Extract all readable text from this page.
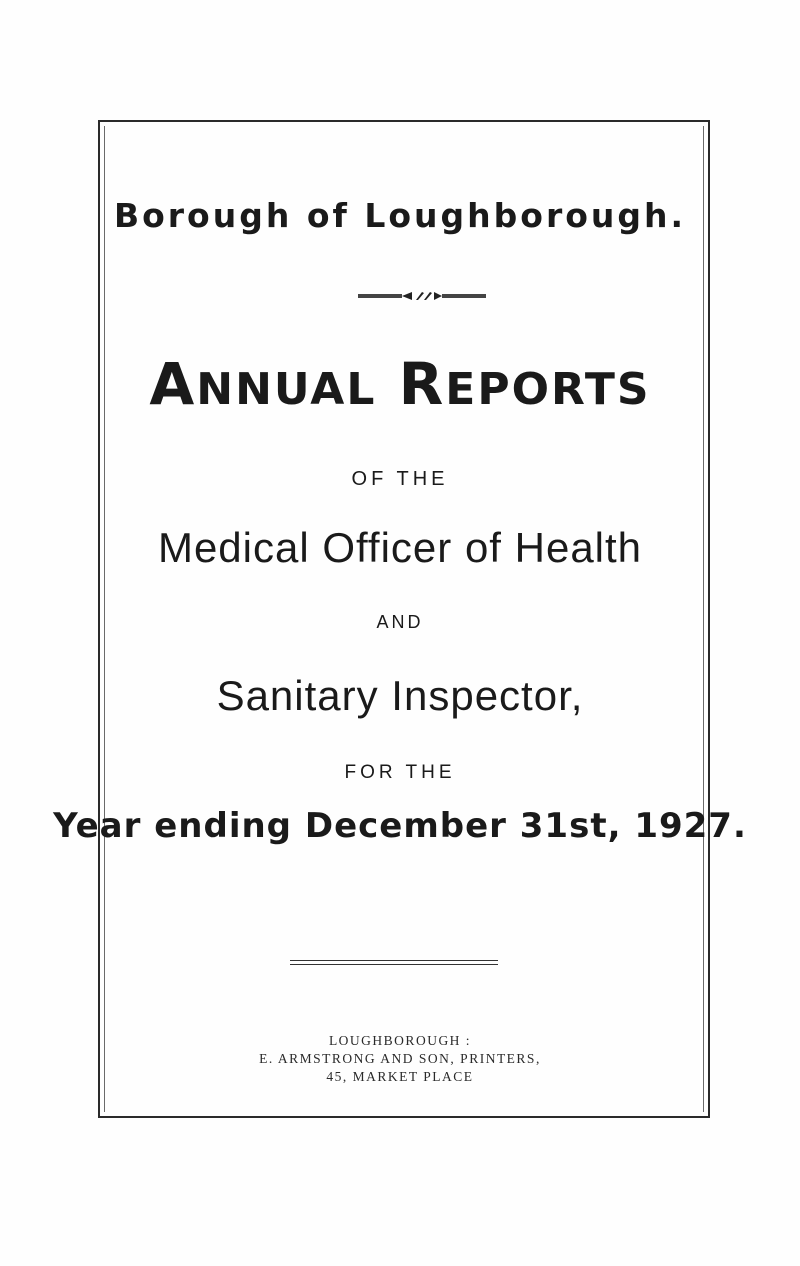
Borough of Loughborough.
ANNUAL REPORTS
OF THE
Medical Officer of Health
AND
Sanitary Inspector,
FOR THE
Year ending December 31st, 1927.
LOUGHBOROUGH :
E. ARMSTRONG AND SON, PRINTERS,
45, MARKET PLACE
